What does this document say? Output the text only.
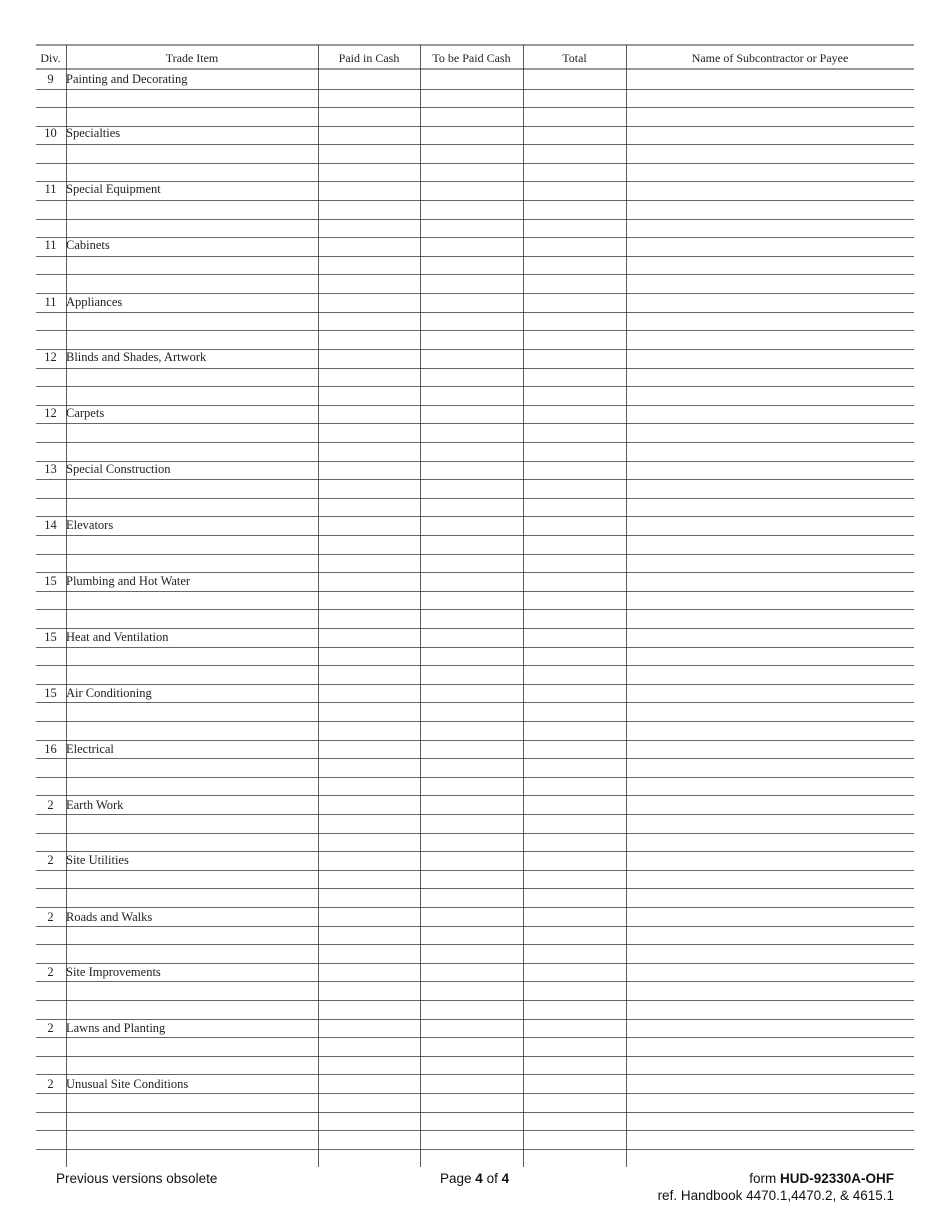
Div.	Trade Item	Paid in Cash	To be Paid Cash	Total	Name of Subcontractor or Payee
9 Painting and Decorating
10 Specialties
11 Special Equipment
11 Cabinets
11 Appliances
12 Blinds and Shades, Artwork
12 Carpets
13 Special Construction
14 Elevators
15 Plumbing and Hot Water
15 Heat and Ventilation
15 Air Conditioning
16 Electrical
2 Earth Work
2 Site Utilities
2 Roads and Walks
2 Site Improvements
2 Lawns and Planting
2 Unusual Site Conditions
Previous versions obsolete	Page 4 of 4	form HUD-92330A-OHF
ref. Handbook 4470.1,4470.2, & 4615.1
